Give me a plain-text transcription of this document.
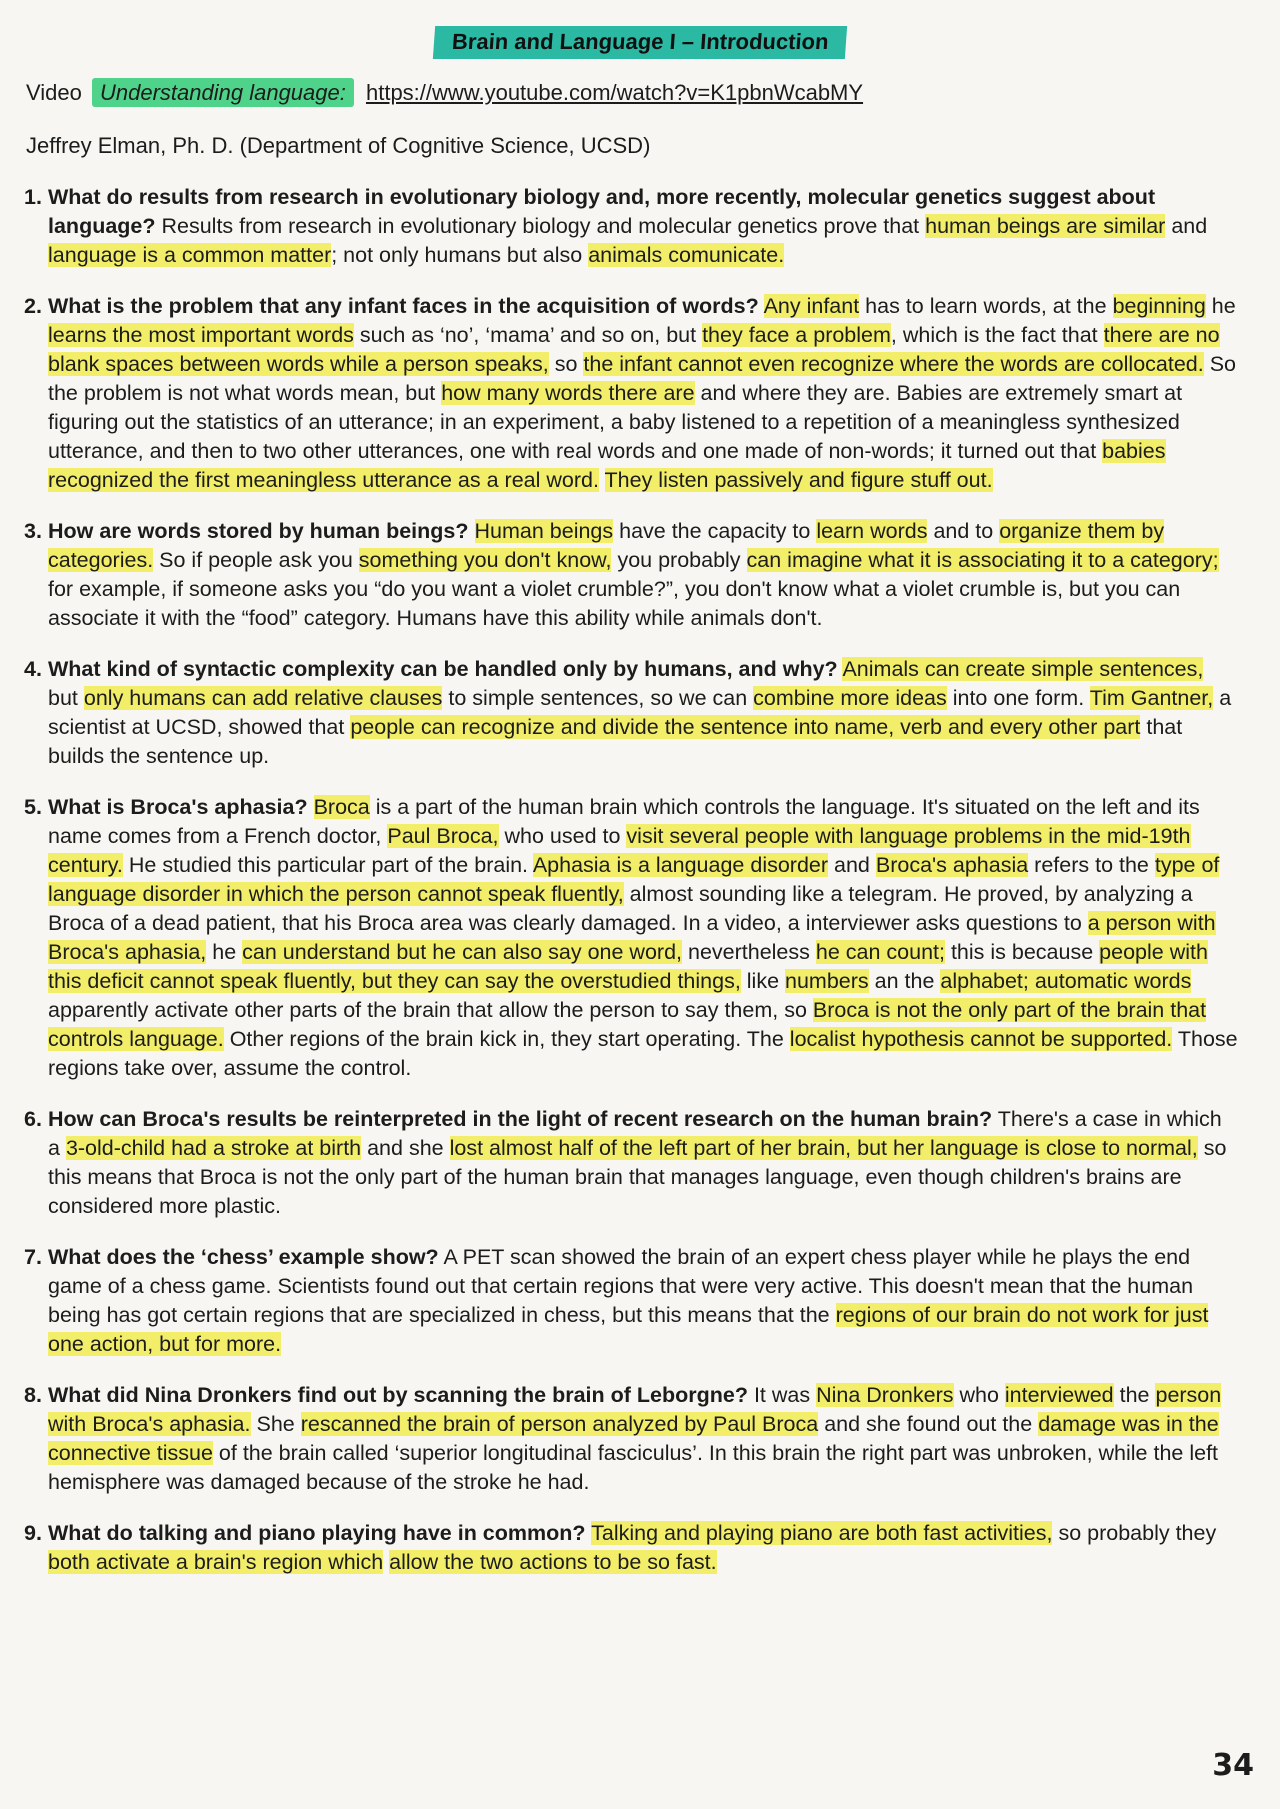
Brain and Language I – Introduction
Video Understanding language: https://www.youtube.com/watch?v=K1pbnWcabMY
Jeffrey Elman, Ph. D. (Department of Cognitive Science, UCSD)
1. What do results from research in evolutionary biology and, more recently, molecular genetics suggest about language? Results from research in evolutionary biology and molecular genetics prove that human beings are similar and language is a common matter; not only humans but also animals comunicate.
2. What is the problem that any infant faces in the acquisition of words? Any infant has to learn words, at the beginning he learns the most important words such as ‘no’, ‘mama’ and so on, but they face a problem, which is the fact that there are no blank spaces between words while a person speaks, so the infant cannot even recognize where the words are collocated. So the problem is not what words mean, but how many words there are and where they are. Babies are extremely smart at figuring out the statistics of an utterance; in an experiment, a baby listened to a repetition of a meaningless synthesized utterance, and then to two other utterances, one with real words and one made of non-words; it turned out that babies recognized the first meaningless utterance as a real word. They listen passively and figure stuff out.
3. How are words stored by human beings? Human beings have the capacity to learn words and to organize them by categories. So if people ask you something you don't know, you probably can imagine what it is associating it to a category; for example, if someone asks you “do you want a violet crumble?”, you don't know what a violet crumble is, but you can associate it with the “food” category. Humans have this ability while animals don't.
4. What kind of syntactic complexity can be handled only by humans, and why? Animals can create simple sentences, but only humans can add relative clauses to simple sentences, so we can combine more ideas into one form. Tim Gantner, a scientist at UCSD, showed that people can recognize and divide the sentence into name, verb and every other part that builds the sentence up.
5. What is Broca's aphasia? Broca is a part of the human brain which controls the language. It's situated on the left and its name comes from a French doctor, Paul Broca, who used to visit several people with language problems in the mid-19th century. He studied this particular part of the brain. Aphasia is a language disorder and Broca's aphasia refers to the type of language disorder in which the person cannot speak fluently, almost sounding like a telegram. He proved, by analyzing a Broca of a dead patient, that his Broca area was clearly damaged. In a video, a interviewer asks questions to a person with Broca's aphasia, he can understand but he can also say one word, nevertheless he can count; this is because people with this deficit cannot speak fluently, but they can say the overstudied things, like numbers an the alphabet; automatic words apparently activate other parts of the brain that allow the person to say them, so Broca is not the only part of the brain that controls language. Other regions of the brain kick in, they start operating. The localist hypothesis cannot be supported. Those regions take over, assume the control.
6. How can Broca's results be reinterpreted in the light of recent research on the human brain? There's a case in which a 3-old-child had a stroke at birth and she lost almost half of the left part of her brain, but her language is close to normal, so this means that Broca is not the only part of the human brain that manages language, even though children's brains are considered more plastic.
7. What does the ‘chess’ example show? A PET scan showed the brain of an expert chess player while he plays the end game of a chess game. Scientists found out that certain regions that were very active. This doesn't mean that the human being has got certain regions that are specialized in chess, but this means that the regions of our brain do not work for just one action, but for more.
8. What did Nina Dronkers find out by scanning the brain of Leborgne? It was Nina Dronkers who interviewed the person with Broca's aphasia. She rescanned the brain of person analyzed by Paul Broca and she found out the damage was in the connective tissue of the brain called ‘superior longitudinal fasciculus’. In this brain the right part was unbroken, while the left hemisphere was damaged because of the stroke he had.
9. What do talking and piano playing have in common? Talking and playing piano are both fast activities, so probably they both activate a brain's region which allow the two actions to be so fast.
34
